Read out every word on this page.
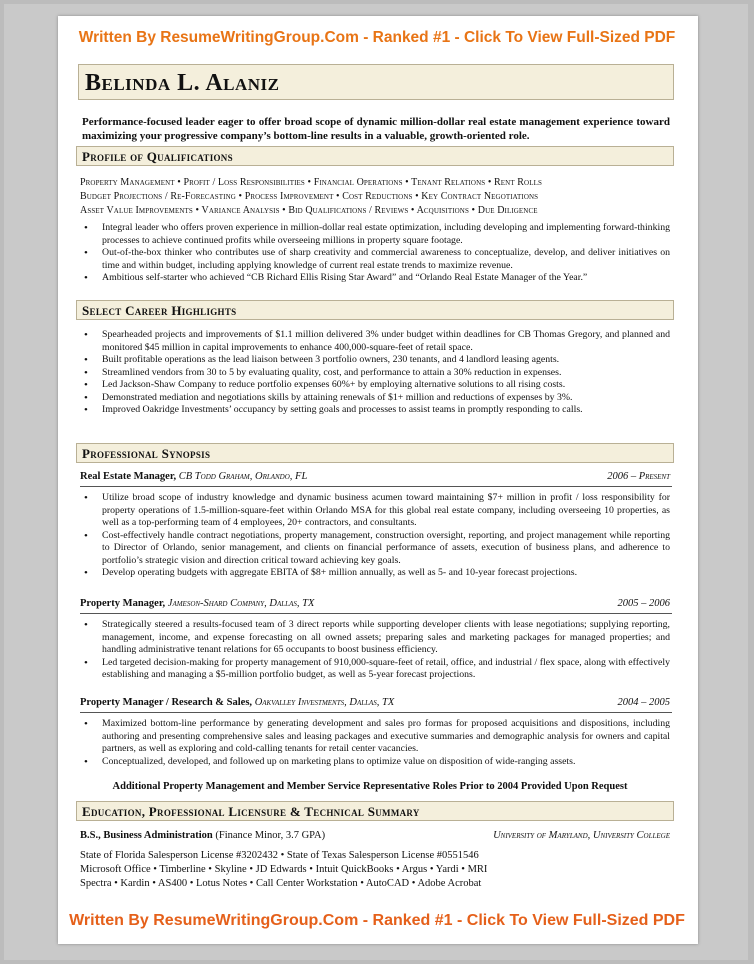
Written By ResumeWritingGroup.Com - Ranked #1 - Click To View Full-Sized PDF
Belinda L. Alaniz
Performance-focused leader eager to offer broad scope of dynamic million-dollar real estate management experience toward maximizing your progressive company’s bottom-line results in a valuable, growth-oriented role.
Profile of Qualifications
Property Management • Profit / Loss Responsibilities • Financial Operations • Tenant Relations • Rent Rolls
Budget Projections / Re-Forecasting • Process Improvement • Cost Reductions • Key Contract Negotiations
Asset Value Improvements • Variance Analysis • Bid Qualifications / Reviews • Acquisitions • Due Diligence
• Integral leader who offers proven experience in million-dollar real estate optimization, including developing and implementing forward-thinking processes to achieve continued profits while overseeing millions in property square footage.
• Out-of-the-box thinker who contributes use of sharp creativity and commercial awareness to conceptualize, develop, and deliver initiatives on time and within budget, including applying knowledge of current real estate trends to maximize revenue.
• Ambitious self-starter who achieved “CB Richard Ellis Rising Star Award” and “Orlando Real Estate Manager of the Year.”
Select Career Highlights
• Spearheaded projects and improvements of $1.1 million delivered 3% under budget within deadlines for CB Thomas Gregory, and planned and monitored $45 million in capital improvements to enhance 400,000-square-feet of retail space.
• Built profitable operations as the lead liaison between 3 portfolio owners, 230 tenants, and 4 landlord leasing agents.
• Streamlined vendors from 30 to 5 by evaluating quality, cost, and performance to attain a 30% reduction in expenses.
• Led Jackson-Shaw Company to reduce portfolio expenses 60%+ by employing alternative solutions to all rising costs.
• Demonstrated mediation and negotiations skills by attaining renewals of $1+ million and reductions of expenses by 3%.
• Improved Oakridge Investments’ occupancy by setting goals and processes to assist teams in promptly responding to calls.
Professional Synopsis
Real Estate Manager, CB Todd Graham, Orlando, FL	2006 – Present
• Utilize broad scope of industry knowledge and dynamic business acumen toward maintaining $7+ million in profit / loss responsibility for property operations of 1.5-million-square-feet within Orlando MSA for this global real estate company, including overseeing 10 properties, as well as a top-performing team of 4 employees, 20+ contractors, and consultants.
• Cost-effectively handle contract negotiations, property management, construction oversight, reporting, and project management while reporting to Director of Orlando, senior management, and clients on financial performance of assets, execution of business plans, and adherence to portfolio’s strategic vision and direction critical toward achieving key goals.
• Develop operating budgets with aggregate EBITA of $8+ million annually, as well as 5- and 10-year forecast projections.
Property Manager, Jameson-Shard Company, Dallas, TX	2005 – 2006
• Strategically steered a results-focused team of 3 direct reports while supporting developer clients with lease negotiations; supplying reporting, management, income, and expense forecasting on all owned assets; preparing sales and marketing packages for managed properties; and handling administrative tenant relations for 65 occupants to boost business efficiency.
• Led targeted decision-making for property management of 910,000-square-feet of retail, office, and industrial / flex space, along with effectively establishing and managing a $5-million portfolio budget, as well as 5-year forecast projections.
Property Manager / Research & Sales, Oakvalley Investments, Dallas, TX	2004 – 2005
• Maximized bottom-line performance by generating development and sales pro formas for proposed acquisitions and dispositions, including authoring and presenting comprehensive sales and leasing packages and executive summaries and demographic analysis for owners and capital partners, as well as exploring and cold-calling tenants for retail center vacancies.
• Conceptualized, developed, and followed up on marketing plans to optimize value on disposition of wide-ranging assets.
Additional Property Management and Member Service Representative Roles Prior to 2004 Provided Upon Request
Education, Professional Licensure & Technical Summary
B.S., Business Administration (Finance Minor, 3.7 GPA)	University of Maryland, University College
State of Florida Salesperson License #3202432 • State of Texas Salesperson License #0551546
Microsoft Office • Timberline • Skyline • JD Edwards • Intuit QuickBooks • Argus • Yardi • MRI
Spectra • Kardin • AS400 • Lotus Notes • Call Center Workstation • AutoCAD • Adobe Acrobat
Written By ResumeWritingGroup.Com - Ranked #1 - Click To View Full-Sized PDF
